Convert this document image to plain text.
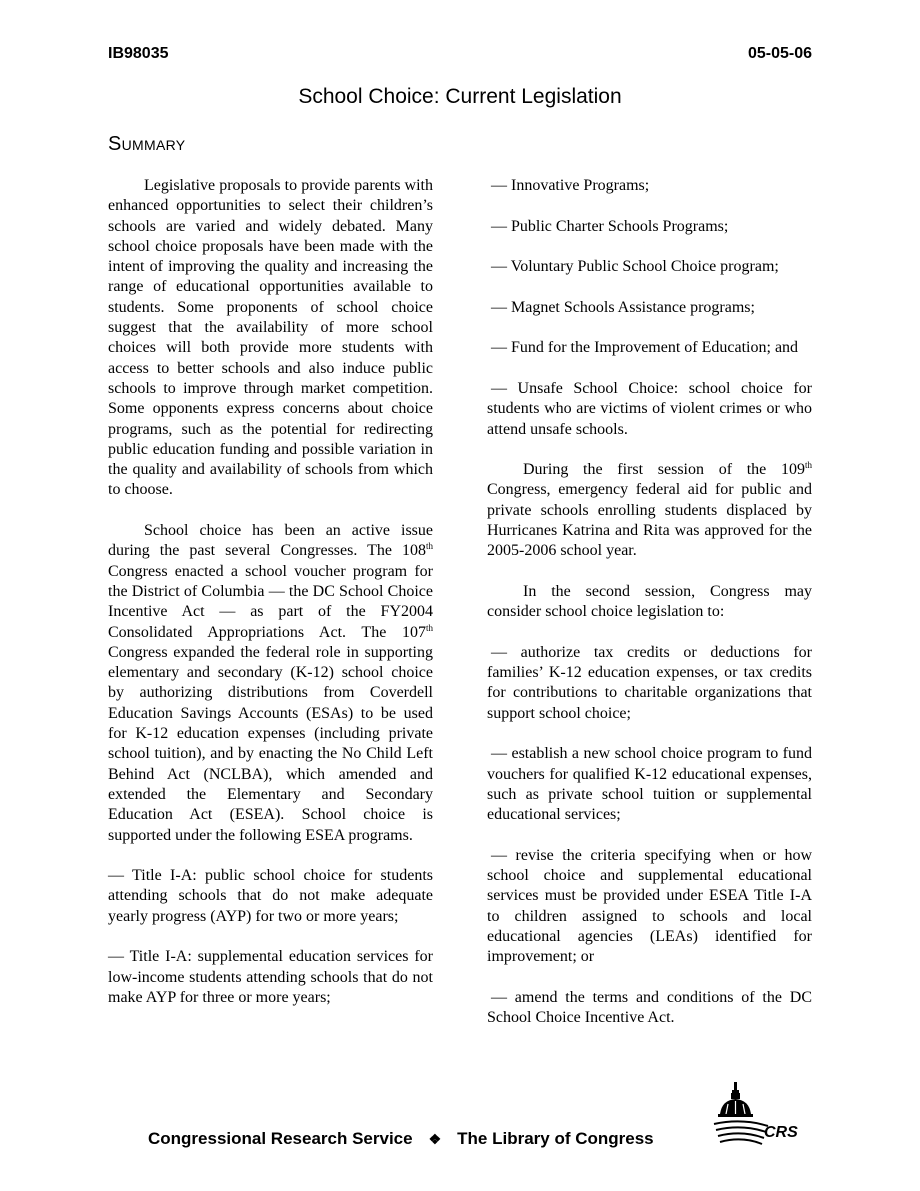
IB98035	05-05-06
School Choice: Current Legislation
Summary

Legislative proposals to provide parents with enhanced opportunities to select their children’s schools are varied and widely debated. Many school choice proposals have been made with the intent of improving the quality and increasing the range of educational opportunities available to students. Some proponents of school choice suggest that the availability of more school choices will both provide more students with access to better schools and also induce public schools to improve through market competition. Some opponents express concerns about choice programs, such as the potential for redirecting public education funding and possible variation in the quality and availability of schools from which to choose.

School choice has been an active issue during the past several Congresses. The 108th Congress enacted a school voucher program for the District of Columbia — the DC School Choice Incentive Act — as part of the FY2004 Consolidated Appropriations Act. The 107th Congress expanded the federal role in supporting elementary and secondary (K-12) school choice by authorizing distributions from Coverdell Education Savings Accounts (ESAs) to be used for K-12 education expenses (including private school tuition), and by enacting the No Child Left Behind Act (NCLBA), which amended and extended the Elementary and Secondary Education Act (ESEA). School choice is supported under the following ESEA programs.

— Title I-A: public school choice for students attending schools that do not make adequate yearly progress (AYP) for two or more years;

— Title I-A: supplemental education services for low-income students attending schools that do not make AYP for three or more years;

— Innovative Programs;

— Public Charter Schools Programs;

— Voluntary Public School Choice program;

— Magnet Schools Assistance programs;

— Fund for the Improvement of Education; and

— Unsafe School Choice: school choice for students who are victims of violent crimes or who attend unsafe schools.

During the first session of the 109th Congress, emergency federal aid for public and private schools enrolling students displaced by Hurricanes Katrina and Rita was approved for the 2005-2006 school year.

In the second session, Congress may consider school choice legislation to:

— authorize tax credits or deductions for families’ K-12 education expenses, or tax credits for contributions to charitable organizations that support school choice;

— establish a new school choice program to fund vouchers for qualified K-12 educational expenses, such as private school tuition or supplemental educational services;

— revise the criteria specifying when or how school choice and supplemental educational services must be provided under ESEA Title I-A to children assigned to schools and local educational agencies (LEAs) identified for improvement; or

— amend the terms and conditions of the DC School Choice Incentive Act.

Congressional Research Service ❖ The Library of Congress	CRS
